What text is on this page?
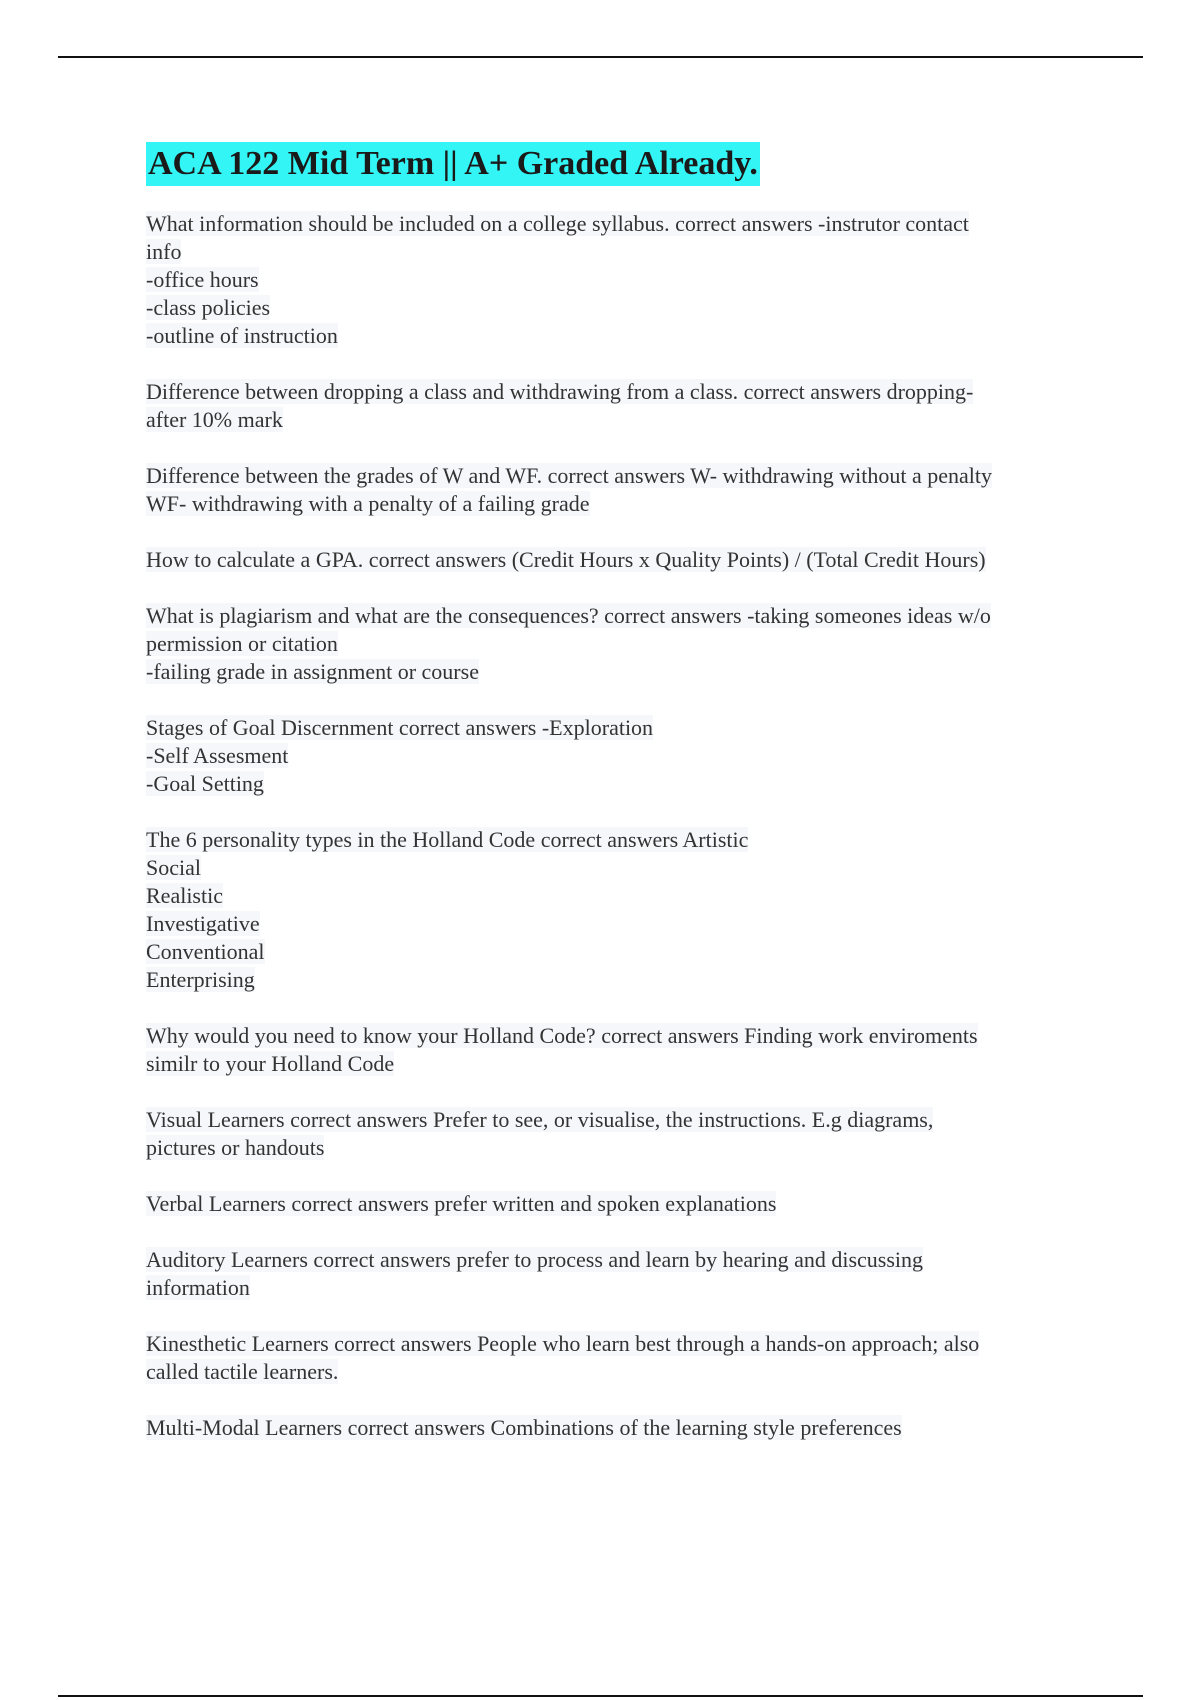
ACA 122 Mid Term || A+ Graded Already.
What information should be included on a college syllabus. correct answers -instrutor contact
info
-office hours
-class policies
-outline of instruction
Difference between dropping a class and withdrawing from a class. correct answers dropping-
after 10% mark
Difference between the grades of W and WF. correct answers W- withdrawing without a penalty
WF- withdrawing with a penalty of a failing grade
How to calculate a GPA. correct answers (Credit Hours x Quality Points) / (Total Credit Hours)
What is plagiarism and what are the consequences? correct answers -taking someones ideas w/o
permission or citation
-failing grade in assignment or course
Stages of Goal Discernment correct answers -Exploration
-Self Assesment
-Goal Setting
The 6 personality types in the Holland Code correct answers Artistic
Social
Realistic
Investigative
Conventional
Enterprising
Why would you need to know your Holland Code? correct answers Finding work enviroments
similr to your Holland Code
Visual Learners correct answers Prefer to see, or visualise, the instructions. E.g diagrams,
pictures or handouts
Verbal Learners correct answers prefer written and spoken explanations
Auditory Learners correct answers prefer to process and learn by hearing and discussing
information
Kinesthetic Learners correct answers People who learn best through a hands-on approach; also
called tactile learners.
Multi-Modal Learners correct answers Combinations of the learning style preferences
